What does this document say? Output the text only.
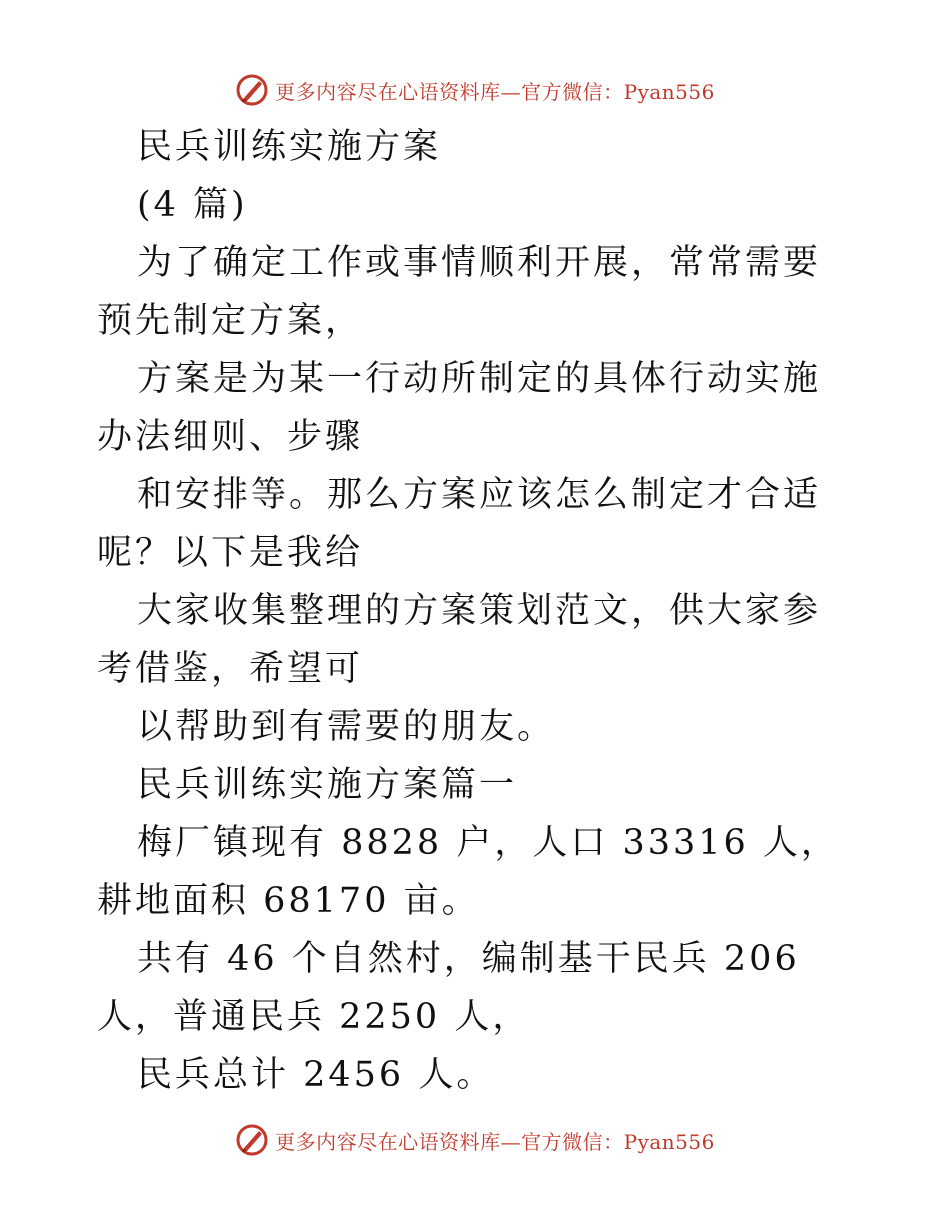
更多内容尽在心语资料库—官方微信：Pyan556

民兵训练实施方案

(4 篇)

为了确定工作或事情顺利开展，常常需要预先制定方案，

方案是为某一行动所制定的具体行动实施办法细则、步骤

和安排等。那么方案应该怎么制定才合适呢？以下是我给

大家收集整理的方案策划范文，供大家参考借鉴，希望可

以帮助到有需要的朋友。

民兵训练实施方案篇一

梅厂镇现有 8828 户，人口 33316 人，耕地面积 68170 亩。

共有 46 个自然村，编制基干民兵 206 人，普通民兵 2250 人，

民兵总计 2456 人。

更多内容尽在心语资料库—官方微信：Pyan556
